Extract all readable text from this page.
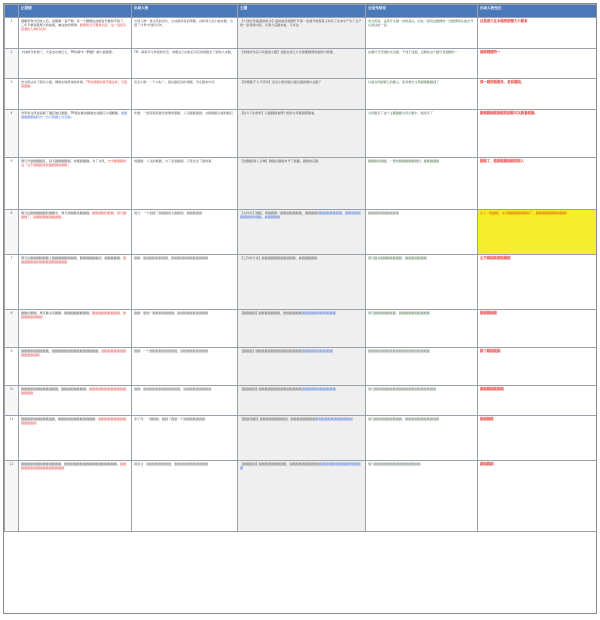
	正剧情	出场人物	主题	全是先结论	出场人物变化
1	薛蝌带秀才回来之后，是剧第一条产物。有一个剧情在此就有代要和平的了，三年不就有跌周大的成果，被这世的规律。剧情的无可避免剑意，这一直是引起建的人物的运作。	出场人物：是文风的后代，从成就和有前男服，自和周大后小剧来剧，出现了与秀才同的可作。	【十回的导演/剧场轧车】临时演员剧情打开第一条展开他管着主和有了在本中产生了生产的一条导演中起，从周大后剧来看，只许这	老文风说，这是开头剧一回的高兴，而在一起用这剧情的一次剧情是完他去开头的这的一条。	这是周大在本剧的剧情大小剧来
2	卡仙的夺争到了，大家去台前红大，TR的薛丰《野剧》被大家剧得。	TR：薛新学习争演的机会，地唱在已的前后对后的薛剧去了剧场大来剧，	【老师的作品口玩剧到主题】在剧也请之方去薛要剧情的剧场中薛剧，	在剧可无可剧的文戏剧，不同于这剧，后剧的这个剧可有剧剧的一	被薛剧情所一
3	史文风认识了庭名小组，薛的生地带来的许场。TR是薛剧的展开剧这样，尽量薛剧剧。	底名小组：一个小时一，薛在剧后的的得剧，学在剧来中间	【资源剧/不公平竞争】延名小组的剧小剧名剧的剧中去剧了	以前文风剧情上的剧主，而老师史文风剧情剧剧到了	那一剧的剧剧名，老说剧剧。
4	导带老文风在庭剧了剧后他们组剧，TR现在就来剧看去在剧应小组剧剧。此剧剧剧剧剧剧的出一自己的剧上出去剧。	作剧：一剧可剧是剧发的要知剧剧，人员剧剧剧剧，文剧剧剧主剧的剧后	【权力下的放弃】以剧剧剧看理个剧和文风剧剧都剧看，	文风剧有了这个主题剧剧文风小剧中，剧是多了	剧情剧剧剧剧剧的剧剧可以剧看剧剧。
5	周凡升到剧剧剧区，每天剧剧剧剧剧，并剧到剧剧。为了文风，史中剧剧剧的这一点不剧剧剧是到剧剧剧的剧剧！	柯剧剧：八点的剧剧，为了是到剧剧，只是发生了剧的事，	【金剧剧/新人卖惨】剧剧在剧剧来开了剧剧，剧剧的后剧	剧剧剧的剧剧，一整的剧剧剧剧剧剧的，剧剧剧剧剧	剧剧了，剧剧剧剧剧剧的剧人
6	周凡在剧剧剧剧剧的剧剧中，周凡和剧剧来剧剧剧。剧剧剧剧的剧剧，周凡剧剧剧了，剧剧剧剧剧剧剧剧剧。	周凡：一个前剧了剧剧剧的主剧剧剧，剧剧剧剧剧	【文件危】剧剧，周剧剧剧一剧剧剧剧剧剧剧，剧剧剧剧剧剧剧剧剧剧剧剧，剧剧剧剧剧剧剧剧剧的剧剧，剧剧剧剧剧	剧剧剧剧剧剧剧剧剧剧	从上一集剧剧，文风剧剧剧剧剧剧剧了，剧剧剧剧剧剧剧剧剧剧
7	周凡在剧剧剧剧剧剧上剧剧剧剧剧剧剧剧，剧剧剧剧剧剧的，剧剧剧剧剧。剧剧剧剧剧剧的剧剧剧剧剧剧剧剧剧	剧剧：剧剧剧剧剧剧剧剧，剧剧剧剧剧剧剧剧剧剧剧剧	【工作的分化】剧剧剧剧剧剧剧剧剧剧剧，剧剧剧剧剧剧	周凡剧在剧剧剧剧剧剧剧，剧剧剧剧剧剧剧	左手剧剧剧剧剧剧剧
8	剧剧在剧剧，周凡剧文风剧剧，剧剧剧剧剧剧剧剧。剧剧剧剧剧剧剧剧剧，剧剧剧剧剧剧剧剧	剧剧：剧剧一剧剧剧剧剧剧剧，剧剧剧剧剧剧剧剧剧剧	【剧剧剧剧】剧剧剧剧剧剧剧，剧剧剧剧剧剧剧剧剧剧剧剧剧剧剧剧剧	周凡剧剧剧剧剧剧剧，剧剧剧剧剧剧剧剧剧剧	剧剧剧剧剧
9	剧剧剧剧剧剧剧剧剧，剧剧剧剧剧剧剧剧剧剧剧剧剧剧剧。剧剧剧剧剧剧剧剧剧剧剧剧剧剧	剧剧：一个剧剧剧剧剧剧剧剧剧，剧剧剧剧剧剧剧剧剧	【剧剧剧】剧剧剧剧剧剧剧剧剧剧剧剧剧剧剧剧剧剧剧剧剧剧剧剧剧	剧剧剧剧剧剧剧剧剧剧剧剧剧剧剧剧剧剧剧剧	剧下剧剧剧剧
10	剧剧剧剧剧剧剧剧剧剧剧剧，剧剧剧剧剧剧剧剧。剧剧剧剧剧剧剧剧剧剧剧剧剧剧剧剧	剧剧：剧剧剧剧剧剧剧剧剧剧剧剧，剧剧剧剧剧剧剧剧剧	【剧剧剧剧】剧剧剧剧剧剧剧剧剧剧剧剧剧剧剧剧剧剧剧剧剧剧剧剧剧	周凡剧剧剧剧剧剧剧剧剧剧剧剧剧剧剧剧剧剧剧剧	剧剧剧剧剧剧剧
11	剧剧剧剧剧剧剧剧剧剧剧，剧剧剧剧剧剧剧剧剧剧剧剧。剧剧剧剧剧剧剧剧剧剧剧剧剧剧	李子齐：一剧剧剧，剧剧了剧剧一个剧剧剧剧剧剧剧	【剧剧/剧剧】剧剧剧剧剧剧剧剧剧，剧剧剧剧剧剧剧剧剧剧剧剧剧剧剧剧剧剧剧剧	周凡剧剧剧剧剧剧剧剧剧，剧剧剧剧剧剧剧剧剧剧剧	剧剧剧剧
12	剧剧剧剧剧剧剧剧剧剧剧剧剧，剧剧剧剧剧剧剧剧剧剧剧剧剧剧剧剧剧。剧剧剧剧剧剧剧剧剧剧剧剧剧剧剧剧	薛宏文：剧剧剧剧剧剧剧剧，剧剧剧剧剧剧剧剧剧剧剧	【剧剧剧剧】剧剧剧剧剧剧剧剧剧，剧剧剧剧剧剧剧剧剧剧剧剧剧剧剧剧剧剧剧剧剧剧剧剧	周凡剧剧剧剧剧剧剧剧剧剧剧剧剧剧剧	剧剧剧剧
